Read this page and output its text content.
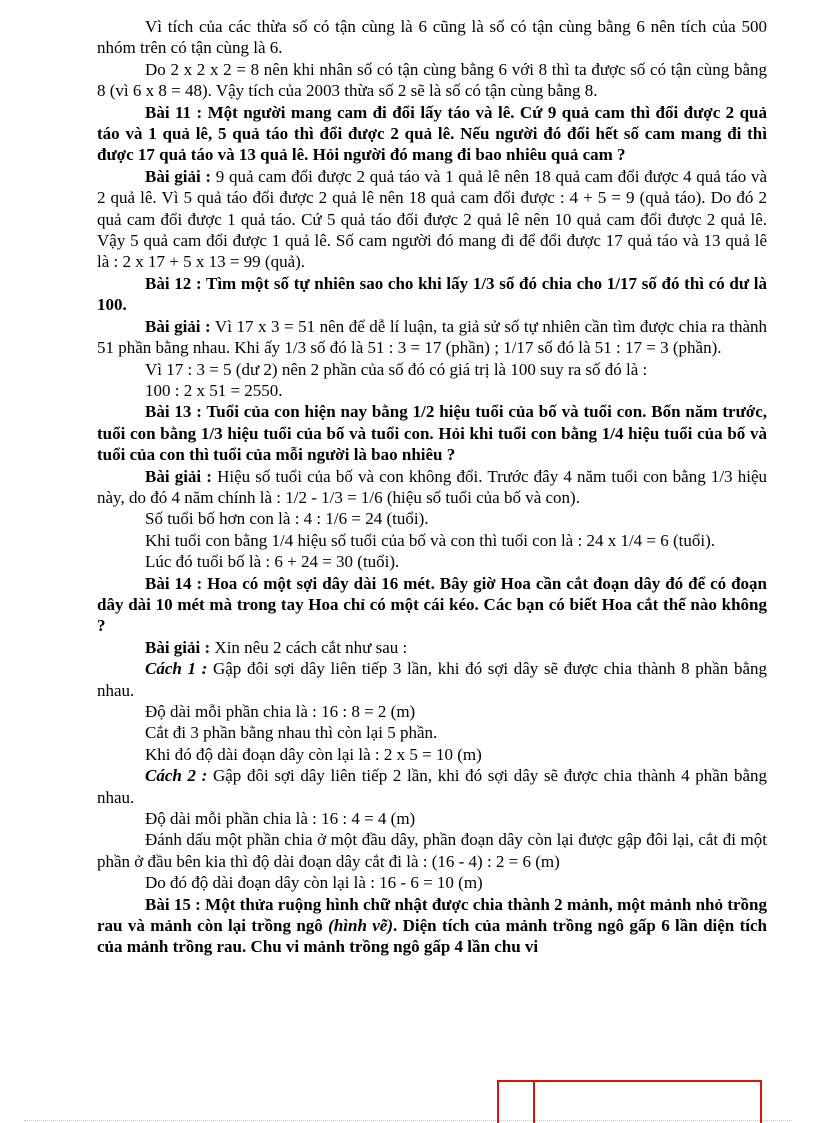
Vì tích của các thừa số có tận cùng là 6 cũng là số có tận cùng bằng 6 nên tích của 500 nhóm trên có tận cùng là 6.

Do 2 x 2 x 2 = 8 nên khi nhân số có tận cùng bằng 6 với 8 thì ta được số có tận cùng bằng 8 (vì 6 x 8 = 48). Vậy tích của 2003 thừa số 2 sẽ là số có tận cùng bằng 8.

Bài 11 : Một người mang cam đi đổi lấy táo và lê. Cứ 9 quả cam thì đổi được 2 quả táo và 1 quả lê, 5 quả táo thì đổi được 2 quả lê. Nếu người đó đổi hết số cam mang đi thì được 17 quả táo và 13 quả lê. Hỏi người đó mang đi bao nhiêu quả cam ?

Bài giải : 9 quả cam đổi được 2 quả táo và 1 quả lê nên 18 quả cam đổi được 4 quả táo và 2 quả lê. Vì 5 quả táo đổi được 2 quả lê nên 18 quả cam đổi được : 4 + 5 = 9 (quả táo). Do đó 2 quả cam đổi được 1 quả táo. Cứ 5 quả táo đổi được 2 quả lê nên 10 quả cam đổi được 2 quả lê. Vậy 5 quả cam đổi được 1 quả lê. Số cam người đó mang đi để đổi được 17 quả táo và 13 quả lê là : 2 x 17 + 5 x 13 = 99 (quả).

Bài 12 : Tìm một số tự nhiên sao cho khi lấy 1/3 số đó chia cho 1/17 số đó thì có dư là 100.

Bài giải : Vì 17 x 3 = 51 nên để dễ lí luận, ta giả sử số tự nhiên cần tìm được chia ra thành 51 phần bằng nhau. Khi ấy 1/3 số đó là 51 : 3 = 17 (phần) ; 1/17 số đó là 51 : 17 = 3 (phần).

Vì 17 : 3 = 5 (dư 2) nên 2 phần của số đó có giá trị là 100 suy ra số đó là :

100 : 2 x 51 = 2550.

Bài 13 : Tuổi của con hiện nay bằng 1/2 hiệu tuổi của bố và tuổi con. Bốn năm trước, tuổi con bằng 1/3 hiệu tuổi của bố và tuổi con. Hỏi khi tuổi con bằng 1/4 hiệu tuổi của bố và tuổi của con thì tuổi của mỗi người là bao nhiêu ?

Bài giải : Hiệu số tuổi của bố và con không đổi. Trước đây 4 năm tuổi con bằng 1/3 hiệu này, do đó 4 năm chính là : 1/2 - 1/3 = 1/6 (hiệu số tuổi của bố và con).

Số tuổi bố hơn con là : 4 : 1/6 = 24 (tuổi).

Khi tuổi con bằng 1/4 hiệu số tuổi của bố và con thì tuổi con là : 24 x 1/4 = 6 (tuổi).

Lúc đó tuổi bố là : 6 + 24 = 30 (tuổi).

Bài 14 : Hoa có một sợi dây dài 16 mét. Bây giờ Hoa cần cắt đoạn dây đó để có đoạn dây dài 10 mét mà trong tay Hoa chỉ có một cái kéo. Các bạn có biết Hoa cắt thế nào không ?

Bài giải : Xin nêu 2 cách cắt như sau :

Cách 1 : Gập đôi sợi dây liên tiếp 3 lần, khi đó sợi dây sẽ được chia thành 8 phần bằng nhau.

Độ dài mỗi phần chia là : 16 : 8 = 2 (m)

Cắt đi 3 phần bằng nhau thì còn lại 5 phần.

Khi đó độ dài đoạn dây còn lại là : 2 x 5 = 10 (m)

Cách 2 : Gập đôi sợi dây liên tiếp 2 lần, khi đó sợi dây sẽ được chia thành 4 phần bằng nhau.

Độ dài mỗi phần chia là : 16 : 4 = 4 (m)

Đánh dấu một phần chia ở một đầu dây, phần đoạn dây còn lại được gập đôi lại, cắt đi một phần ở đầu bên kia thì độ dài đoạn dây cắt đi là : (16 - 4) : 2 = 6 (m)

Do đó độ dài đoạn dây còn lại là : 16 - 6 = 10 (m)

Bài 15 : Một thửa ruộng hình chữ nhật được chia thành 2 mảnh, một mảnh nhỏ trồng rau và mảnh còn lại trồng ngô (hình vẽ). Diện tích của mảnh trồng ngô gấp 6 lần diện tích của mảnh trồng rau. Chu vi mảnh trồng ngô gấp 4 lần chu vi
